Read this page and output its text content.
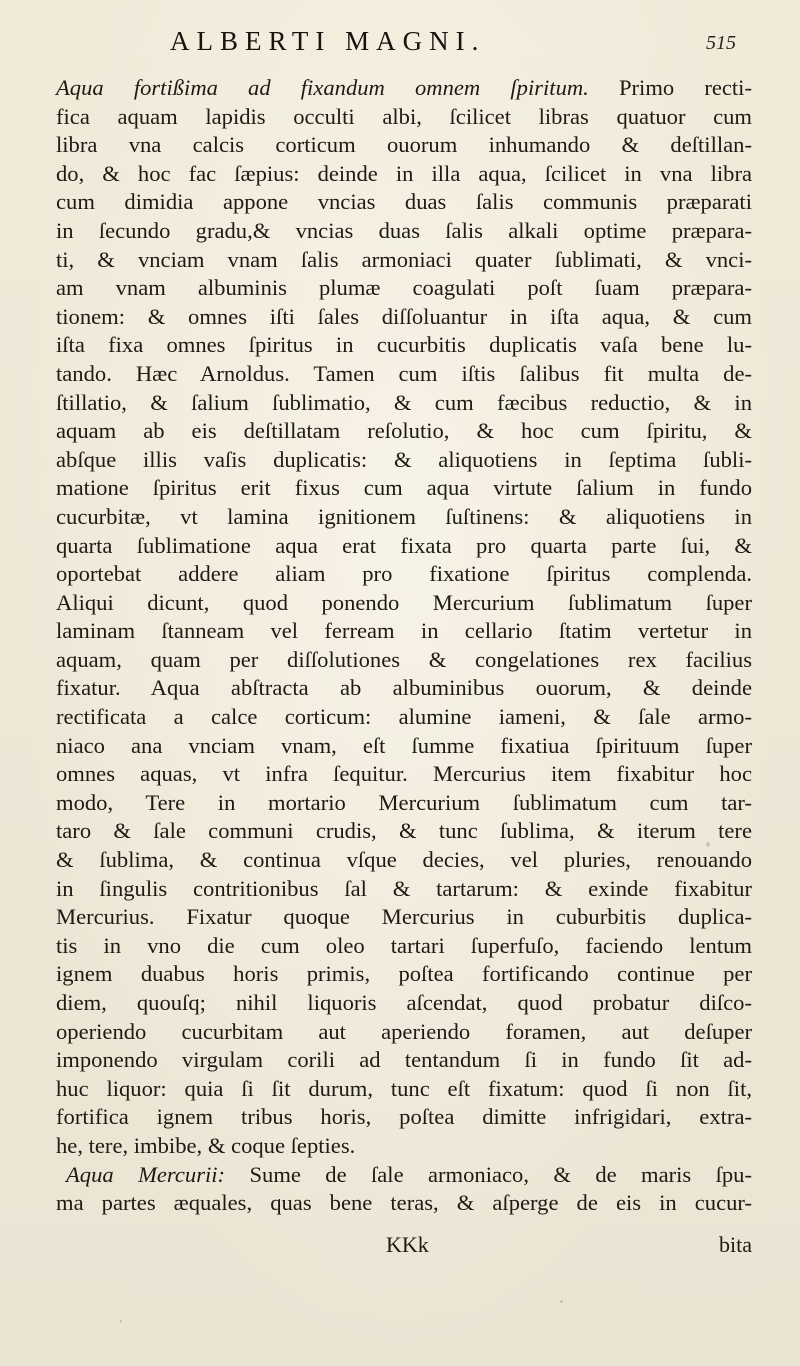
ALBERTI MAGNI.	515
Aqua fortißima ad fixandum omnem ſpiritum. Primo recti-
fica aquam lapidis occulti albi, ſcilicet libras quatuor cum
libra vna calcis corticum ouorum inhumando & deſtillan-
do, & hoc fac ſæpius: deinde in illa aqua, ſcilicet in vna libra
cum dimidia appone vncias duas ſalis communis præparati
in ſecundo gradu,& vncias duas ſalis alkali optime præpara-
ti, & vnciam vnam ſalis armoniaci quater ſublimati, & vnci-
am vnam albuminis plumæ coagulati poſt ſuam præpara-
tionem: & omnes iſti ſales diſſoluantur in iſta aqua, & cum
iſta fixa omnes ſpiritus in cucurbitis duplicatis vaſa bene lu-
tando. Hæc Arnoldus. Tamen cum iſtis ſalibus fit multa de-
ſtillatio, & ſalium ſublimatio, & cum fæcibus reductio, & in
aquam ab eis deſtillatam reſolutio, & hoc cum ſpiritu, &
abſque illis vaſis duplicatis: & aliquotiens in ſeptima ſubli-
matione ſpiritus erit fixus cum aqua virtute ſalium in fundo
cucurbitæ, vt lamina ignitionem ſuſtinens: & aliquotiens in
quarta ſublimatione aqua erat fixata pro quarta parte ſui, &
oportebat addere aliam pro fixatione ſpiritus complenda.
Aliqui dicunt, quod ponendo Mercurium ſublimatum ſuper
laminam ſtanneam vel ferream in cellario ſtatim vertetur in
aquam, quam per diſſolutiones & congelationes rex facilius
fixatur. Aqua abſtracta ab albuminibus ouorum, & deinde
rectificata a calce corticum: alumine iameni, & ſale armo-
niaco ana vnciam vnam, eſt ſumme fixatiua ſpirituum ſuper
omnes aquas, vt infra ſequitur. Mercurius item fixabitur hoc
modo, Tere in mortario Mercurium ſublimatum cum tar-
taro & ſale communi crudis, & tunc ſublima, & iterum tere
& ſublima, & continua vſque decies, vel pluries, renouando
in ſingulis contritionibus ſal & tartarum: & exinde fixabitur
Mercurius. Fixatur quoque Mercurius in cuburbitis duplica-
tis in vno die cum oleo tartari ſuperfuſo, faciendo lentum
ignem duabus horis primis, poſtea fortificando continue per
diem, quouſq; nihil liquoris aſcendat, quod probatur diſco-
operiendo cucurbitam aut aperiendo foramen, aut deſuper
imponendo virgulam corili ad tentandum ſi in fundo ſit ad-
huc liquor: quia ſi ſit durum, tunc eſt fixatum: quod ſi non ſit,
fortifica ignem tribus horis, poſtea dimitte infrigidari, extra-
he, tere, imbibe, & coque ſepties.
Aqua Mercurii: Sume de ſale armoniaco, & de maris ſpu-
ma partes æquales, quas bene teras, & aſperge de eis in cucur-
KKk	bita
